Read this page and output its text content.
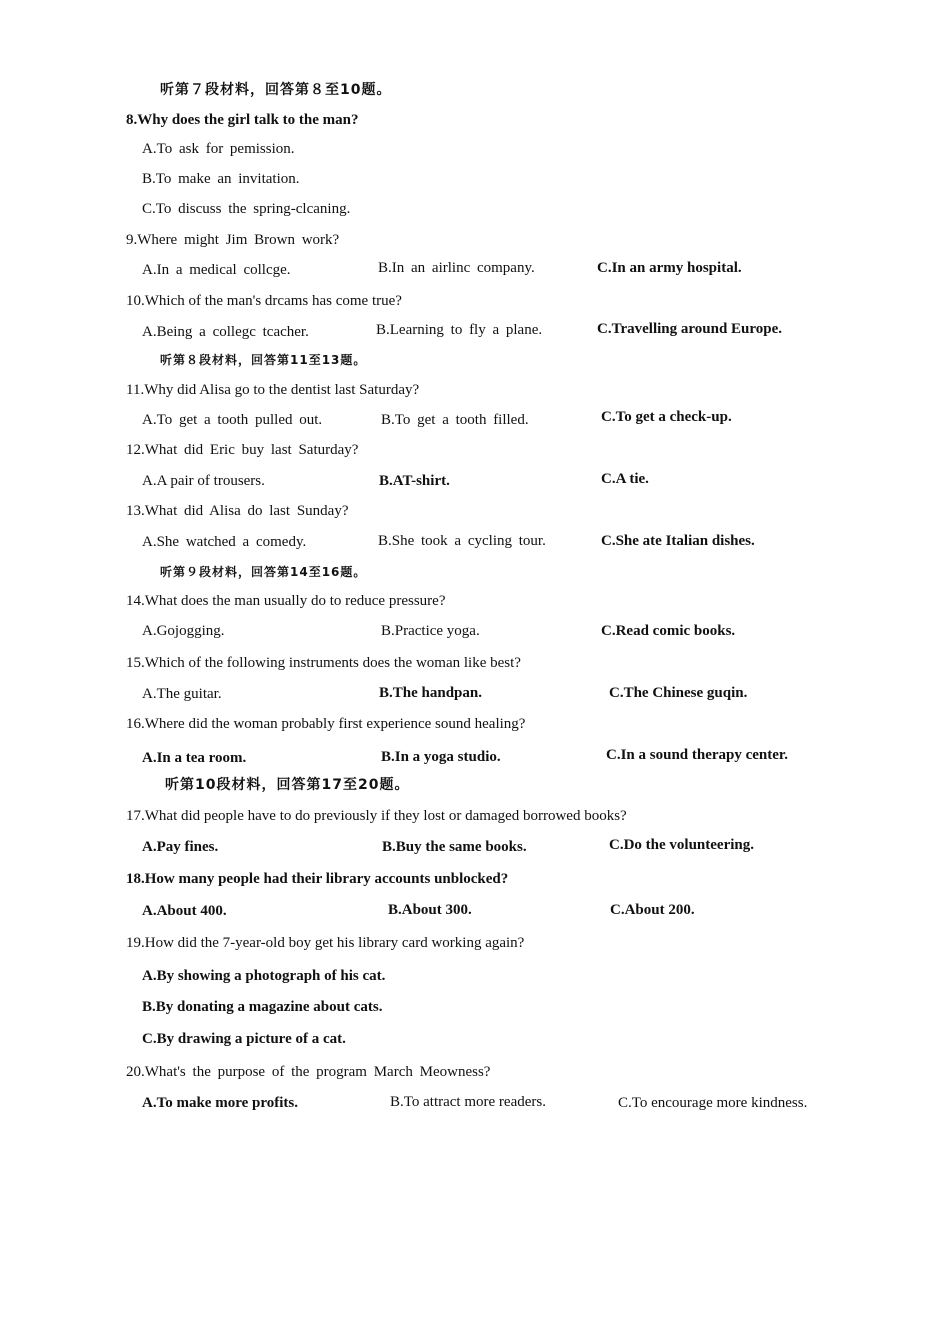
听第７段材料，回答第８至10题。
8.Why does the girl talk to the man?
A.To ask for pemission.
B.To make an invitation.
C.To discuss the spring-clcaning.
9.Where might Jim Brown work?
A.In a medical collcge.	B.In an airlinc company.	C.In an army hospital.
10.Which of the man's drcams has come true?
A.Being a collegc tcacher.	B.Learning to fly a plane.	C.Travelling around Europe.
听第８段材料，回答第11至13题。
11.Why did Alisa go to the dentist last Saturday?
A.To get a tooth pulled out.	B.To get a tooth filled.	C.To get a check-up.
12.What did Eric buy last Saturday?
A.A pair of trousers.	B.AT-shirt.	C.A tie.
13.What did Alisa do last Sunday?
A.She watched a comedy.	B.She took a cycling tour.	C.She ate Italian dishes.
听第９段材料，回答第14至16题。
14.What does the man usually do to reduce pressure?
A.Gojogging.	B.Practice yoga.	C.Read comic books.
15.Which of the following instruments does the woman like best?
A.The guitar.	B.The handpan.	C.The Chinese guqin.
16.Where did the woman probably first experience sound healing?
A.In a tea room.	B.In a yoga studio.	C.In a sound therapy center.
听第10段材料，回答第17至20题。
17.What did people have to do previously if they lost or damaged borrowed books?
A.Pay fines.	B.Buy the same books.	C.Do the volunteering.
18.How many people had their library accounts unblocked?
A.About 400.	B.About 300.	C.About 200.
19.How did the 7-year-old boy get his library card working again?
A.By showing a photograph of his cat.
B.By donating a magazine about cats.
C.By drawing a picture of a cat.
20.What's the purpose of the program March Meowness?
A.To make more profits.	B.To attract more readers.	C.To encourage more kindness.
